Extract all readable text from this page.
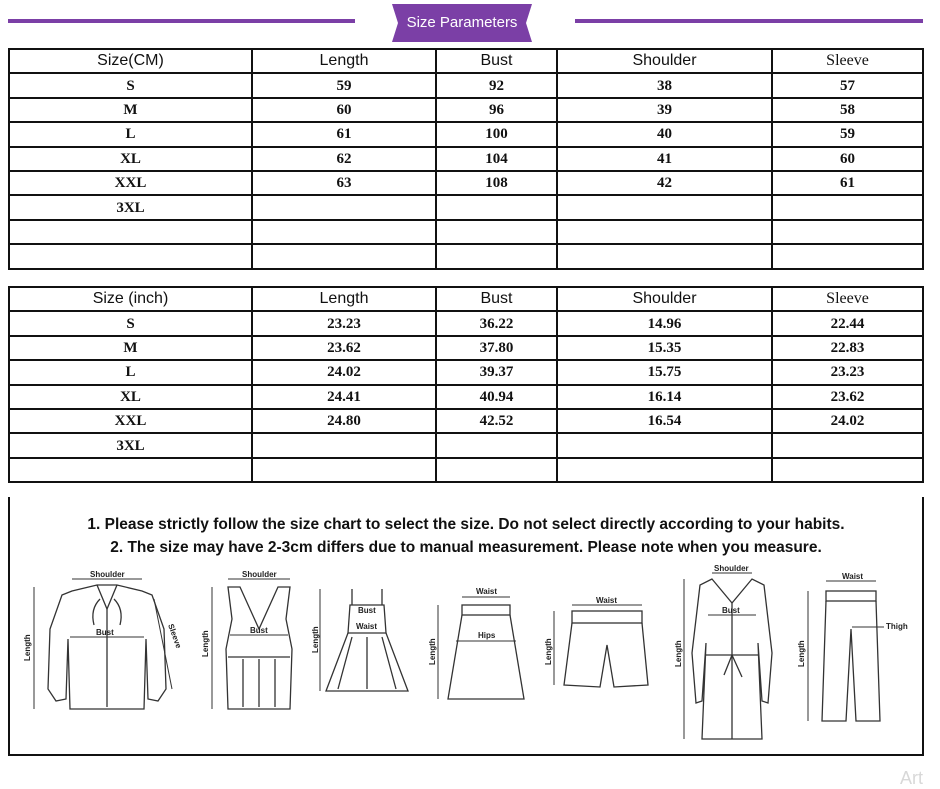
Size Parameters
Size(CM)	Length	Bust	Shoulder	Sleeve
S	59	92	38	57
M	60	96	39	58
L	61	100	40	59
XL	62	104	41	60
XXL	63	108	42	61
3XL				

Size (inch)	Length	Bust	Shoulder	Sleeve
S	23.23	36.22	14.96	22.44
M	23.62	37.80	15.35	22.83
L	24.02	39.37	15.75	23.23
XL	24.41	40.94	16.14	23.62
XXL	24.80	42.52	16.54	24.02
3XL				

1. Please strictly follow the size chart to select the size. Do not select directly according to your habits.
2. The size may have 2-3cm differs due to manual measurement. Please note when you measure.
Shoulder
Bust	Sleeve
Length
Shoulder
Bust
Length
Bust
Waist
Length
Waist
Hips
Length
Waist
Length
Shoulder
Bust
Length
Waist
Thigh
Length
Art
